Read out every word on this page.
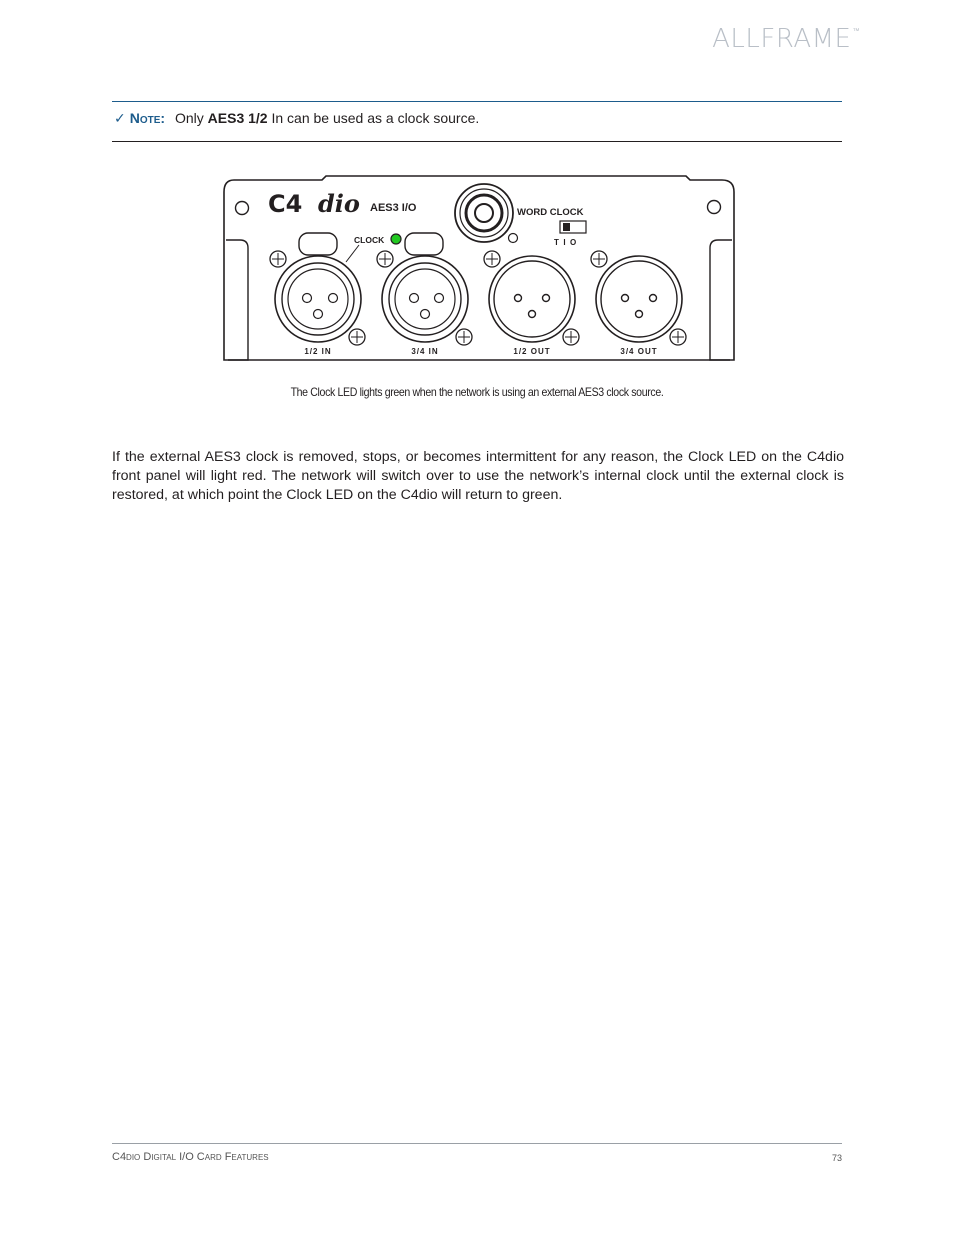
ALLFRAME™
✓ Note: Only AES3 1/2 In can be used as a clock source.
C4 dio AES3 I/O	WORD CLOCK
T  I  O
CLOCK
1/2 IN	3/4 IN	1/2 OUT	3/4 OUT
The Clock LED lights green when the network is using an external AES3 clock source.
If the external AES3 clock is removed, stops, or becomes intermittent for any reason, the Clock LED on the C4dio front panel will light red. The network will switch over to use the network’s internal clock until the external clock is restored, at which point the Clock LED on the C4dio will return to green.
C4dio Digital I/O Card Features	73
